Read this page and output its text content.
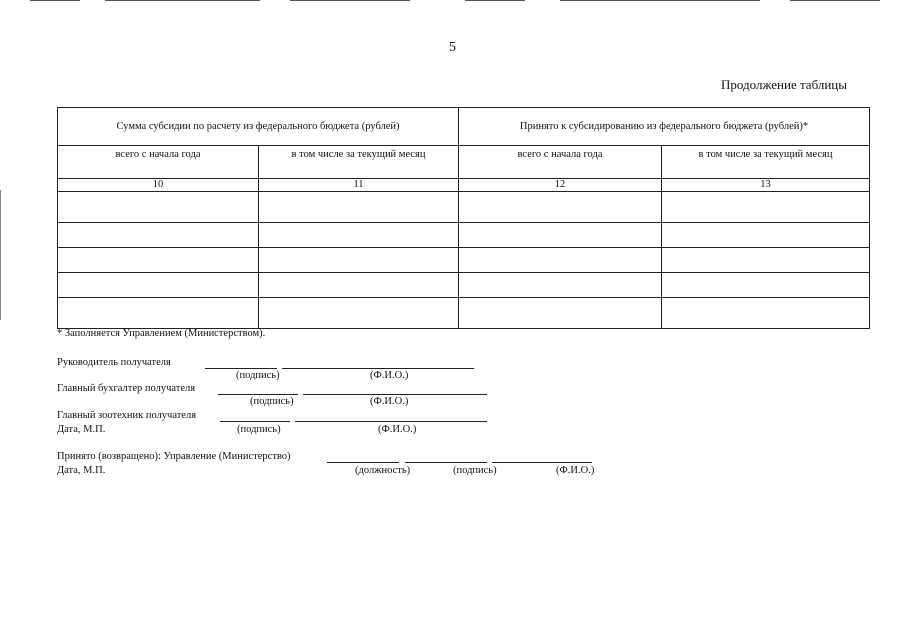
5
Продолжение таблицы
Сумма субсидии по расчету из федерального бюджета (рублей)		Принято к субсидированию из федерального бюджета (рублей)*	
всего с начала года	в том числе за текущий месяц	всего с начала года	в том числе за текущий месяц
10	11	12	13

* Заполняется Управлением (Министерством).
Руководитель получателя
(подпись)	(Ф.И.О.)
Главный бухгалтер получателя
(подпись)	(Ф.И.О.)
Главный зоотехник получателя
Дата, М.П.	(подпись)	(Ф.И.О.)
Принято (возвращено): Управление (Министерство)
Дата, М.П.	(должность)	(подпись)	(Ф.И.О.)
